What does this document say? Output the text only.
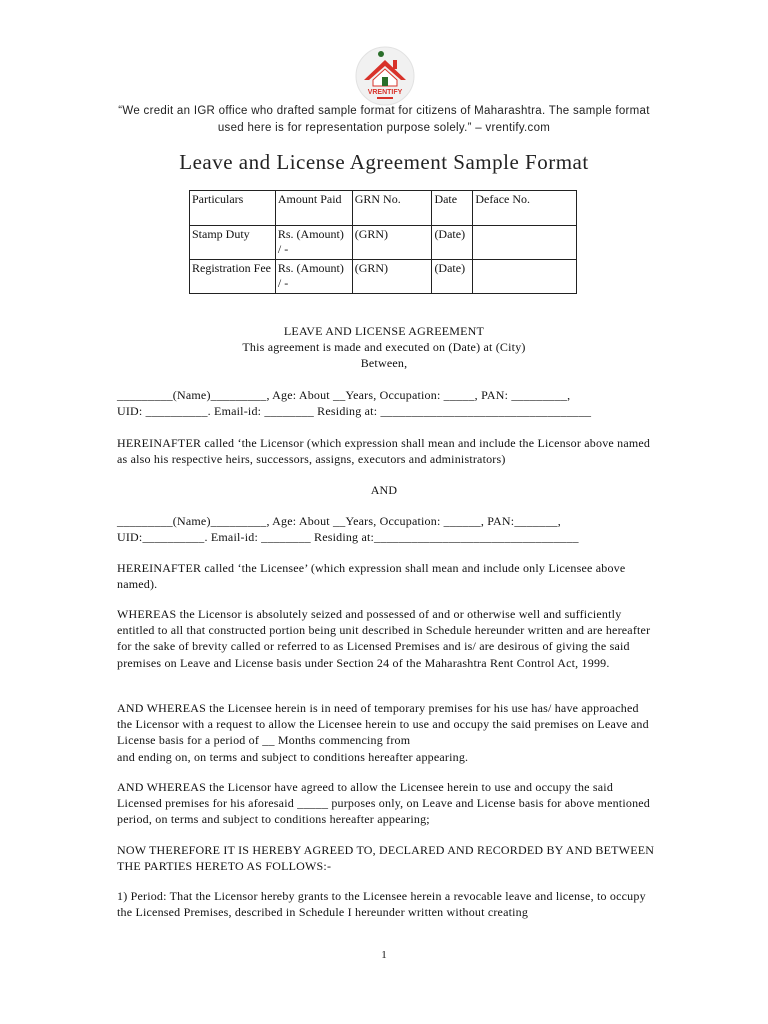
VRENTIFY
“We credit an IGR office who drafted sample format for citizens of Maharashtra. The sample format
used here is for representation purpose solely.” – vrentify.com
Leave and License Agreement Sample Format
Particulars	Amount Paid	GRN No.	Date	Deface No.
Stamp Duty	Rs. (Amount) / -	(GRN)	(Date)	
Registration Fee	Rs. (Amount) / -	(GRN)	(Date)	
LEAVE AND LICENSE AGREEMENT
This agreement is made and executed on (Date) at (City)
Between,
_________(Name)_________, Age: About __Years, Occupation: _____, PAN: _________,
UID: __________. Email-id: ________ Residing at: __________________________________
HEREINAFTER called ‘the Licensor (which expression shall mean and include the Licensor above named as also his respective heirs, successors, assigns, executors and administrators)
AND
_________(Name)_________, Age: About __Years, Occupation: ______, PAN:_______,
UID:__________. Email-id: ________ Residing at:_________________________________
HEREINAFTER called ‘the Licensee’ (which expression shall mean and include only Licensee above named).
WHEREAS the Licensor is absolutely seized and possessed of and or otherwise well and sufficiently entitled to all that constructed portion being unit described in Schedule hereunder written and are hereafter for the sake of brevity called or referred to as Licensed Premises and is/ are desirous of giving the said premises on Leave and License basis under Section 24 of the Maharashtra Rent Control Act, 1999.
AND WHEREAS the Licensee herein is in need of temporary premises for his use has/ have approached the Licensor with a request to allow the Licensee herein to use and occupy the said premises on Leave and License basis for a period of __ Months commencing from
and ending on, on terms and subject to conditions hereafter appearing.
AND WHEREAS the Licensor have agreed to allow the Licensee herein to use and occupy the said Licensed premises for his aforesaid _____ purposes only, on Leave and License basis for above mentioned period, on terms and subject to conditions hereafter appearing;
NOW THEREFORE IT IS HEREBY AGREED TO, DECLARED AND RECORDED BY AND BETWEEN THE PARTIES HERETO AS FOLLOWS:-
1) Period: That the Licensor hereby grants to the Licensee herein a revocable leave and license, to occupy the Licensed Premises, described in Schedule I hereunder written without creating
1
